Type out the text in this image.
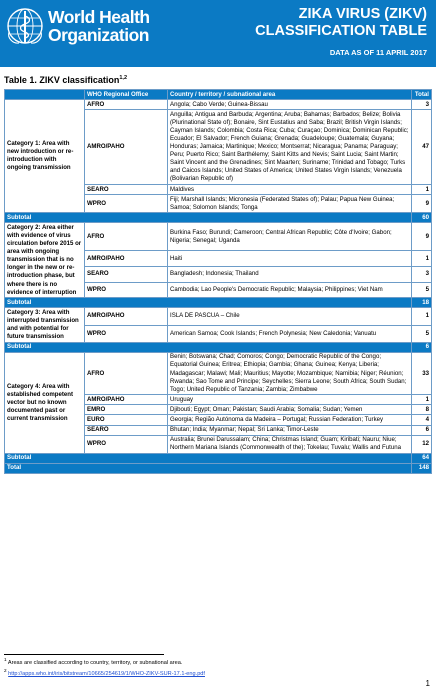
World Health
Organization
ZIKA VIRUS (ZIKV)
CLASSIFICATION TABLE
DATA AS OF 11 APRIL 2017
Table 1. ZIKV classification$^{1,2}$
	WHO Regional Office	Country / territory / subnational area	Total
Category 1: Area with new introduction or re-introduction with ongoing transmission	AFRO	Angola; Cabo Verde; Guinea-Bissau	3
	AMRO/PAHO	Anguilla; Antigua and Barbuda; Argentina; Aruba; Bahamas; Barbados; Belize; Bolivia (Plurinational State of); Bonaire, Sint Eustatius and Saba; Brazil; British Virgin Islands; Cayman Islands; Colombia; Costa Rica; Cuba; Curaçao; Dominica; Dominican Republic; Ecuador; El Salvador; French Guiana; Grenada; Guadeloupe; Guatemala; Guyana; Honduras; Jamaica; Martinique; Mexico; Montserrat; Nicaragua; Panama; Paraguay; Peru; Puerto Rico; Saint Barthélemy; Saint Kitts and Nevis; Saint Lucia; Saint Martin; Saint Vincent and the Grenadines; Sint Maarten; Suriname; Trinidad and Tobago; Turks and Caicos Islands; United States of America; United States Virgin Islands; Venezuela (Bolivarian Republic of)	47
	SEARO	Maldives	1
	WPRO	Fiji; Marshall Islands; Micronesia (Federated States of); Palau; Papua New Guinea; Samoa; Solomon Islands; Tonga	9
Subtotal			60
Category 2: Area either with evidence of virus circulation before 2015 or area with ongoing transmission that is no longer in the new or re-introduction phase, but where there is no evidence of interruption	AFRO	Burkina Faso; Burundi; Cameroon; Central African Republic; Côte d'Ivoire; Gabon; Nigeria; Senegal; Uganda	9
	AMRO/PAHO	Haiti	1
	SEARO	Bangladesh; Indonesia; Thailand	3
	WPRO	Cambodia; Lao People's Democratic Republic; Malaysia; Philippines; Viet Nam	5
Subtotal			18
Category 3: Area with interrupted transmission and with potential for future transmission	AMRO/PAHO	ISLA DE PASCUA – Chile	1
	WPRO	American Samoa; Cook Islands; French Polynesia; New Caledonia; Vanuatu	5
Subtotal			6
Category 4: Area with established competent vector but no known documented past or current transmission	AFRO	Benin; Botswana; Chad; Comoros; Congo; Democratic Republic of the Congo; Equatorial Guinea; Eritrea; Ethiopia; Gambia; Ghana; Guinea; Kenya; Liberia; Madagascar; Malawi; Mali; Mauritius; Mayotte; Mozambique; Namibia; Niger; Réunion; Rwanda; Sao Tome and Principe; Seychelles; Sierra Leone; South Africa; South Sudan; Togo; United Republic of Tanzania; Zambia; Zimbabwe	33
	AMRO/PAHO	Uruguay	1
	EMRO	Djibouti; Egypt; Oman; Pakistan; Saudi Arabia; Somalia; Sudan; Yemen	8
	EURO	Georgia; Região Autónoma da Madeira – Portugal; Russian Federation; Turkey	4
	SEARO	Bhutan; India; Myanmar; Nepal; Sri Lanka; Timor-Leste	6
	WPRO	Australia; Brunei Darussalam; China; Christmas Island; Guam; Kiribati; Nauru; Niue; Northern Mariana Islands (Commonwealth of the); Tokelau; Tuvalu; Wallis and Futuna	12
Subtotal			64
Total			148
$^1$ Areas are classified according to country, territory, or subnational area.
$^2$ http://apps.who.int/iris/bitstream/10665/254619/1/WHO-ZIKV-SUR-17.1-eng.pdf
1
